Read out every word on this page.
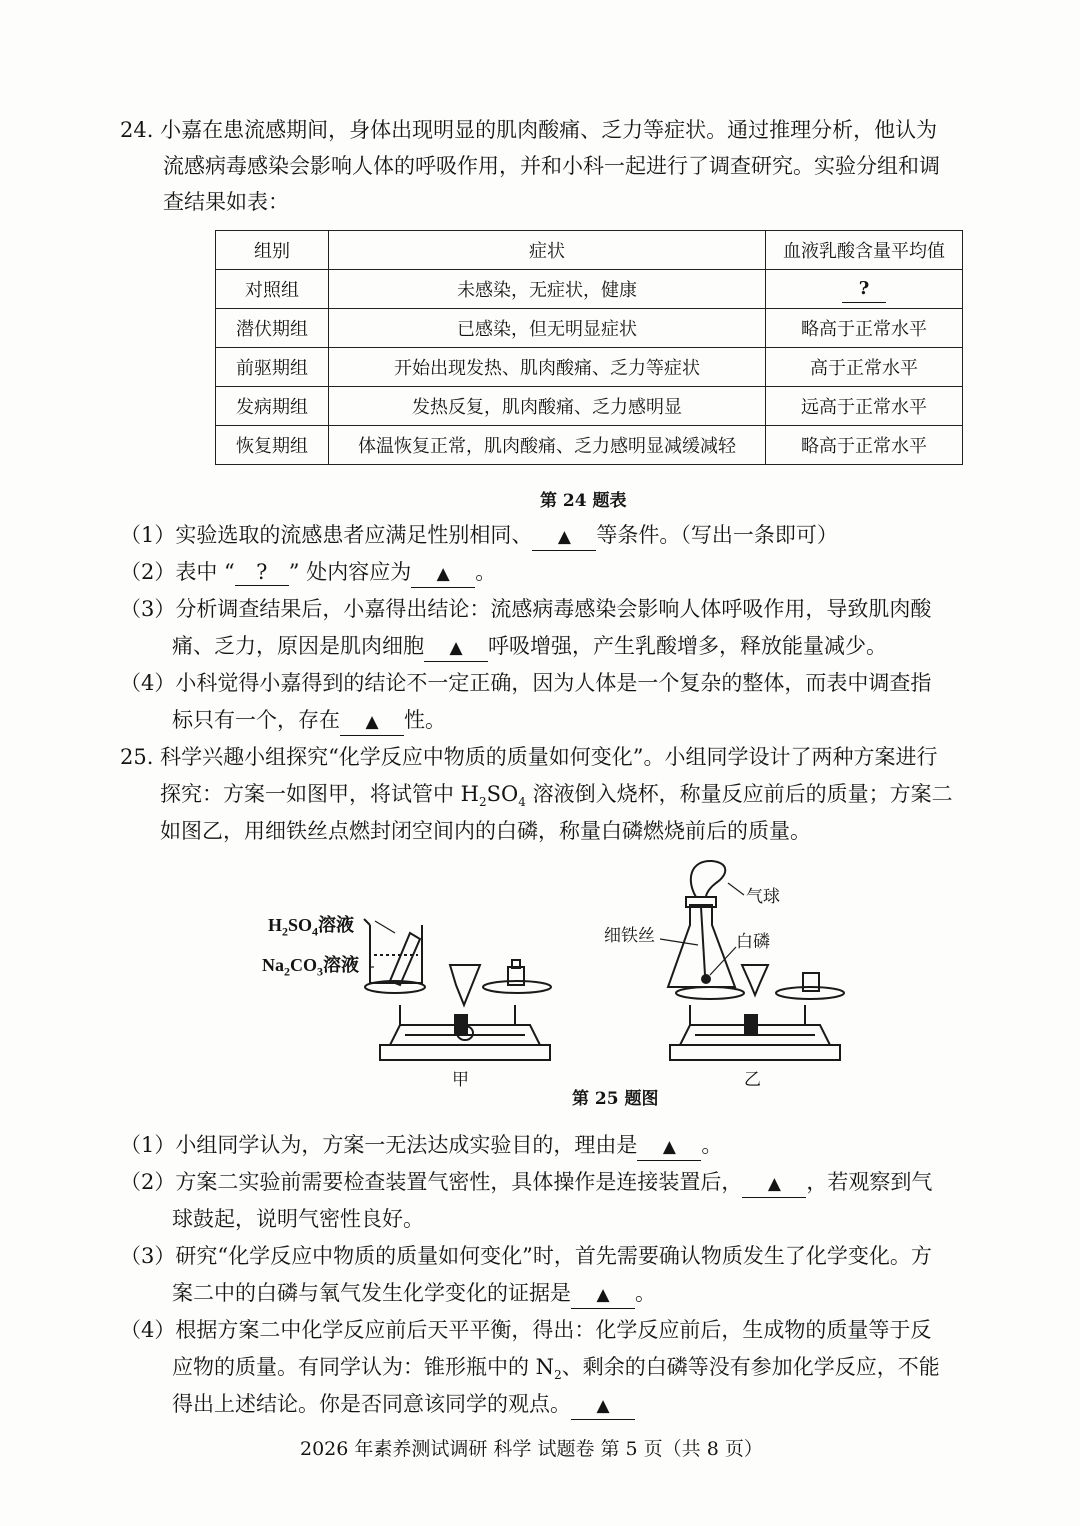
24. 小嘉在患流感期间，身体出现明显的肌肉酸痛、乏力等症状。通过推理分析，他认为
流感病毒感染会影响人体的呼吸作用，并和小科一起进行了调查研究。实验分组和调
查结果如表：
组别	症状	血液乳酸含量平均值
对照组	未感染，无症状，健康	?
潜伏期组	已感染，但无明显症状	略高于正常水平
前驱期组	开始出现发热、肌肉酸痛、乏力等症状	高于正常水平
发病期组	发热反复，肌肉酸痛、乏力感明显	远高于正常水平
恢复期组	体温恢复正常，肌肉酸痛、乏力感明显减缓减轻	略高于正常水平
第 24 题表
（1）实验选取的流感患者应满足性别相同、 ▲ 等条件。（写出一条即可）
（2）表中 “ ? ” 处内容应为 ▲ 。
（3）分析调查结果后，小嘉得出结论：流感病毒感染会影响人体呼吸作用，导致肌肉酸
痛、乏力，原因是肌肉细胞 ▲ 呼吸增强，产生乳酸增多，释放能量减少。
（4）小科觉得小嘉得到的结论不一定正确，因为人体是一个复杂的整体，而表中调查指
标只有一个，存在 ▲ 性。
25. 科学兴趣小组探究“化学反应中物质的质量如何变化”。小组同学设计了两种方案进行
探究：方案一如图甲，将试管中 $H_2SO_4$ 溶液倒入烧杯，称量反应前后的质量；方案二
如图乙，用细铁丝点燃封闭空间内的白磷，称量白磷燃烧前后的质量。
$H_2SO_4$溶液
$Na_2CO_3$溶液
气球
细铁丝	白磷
甲	乙
第 25 题图
（1）小组同学认为，方案一无法达成实验目的，理由是 ▲ 。
（2）方案二实验前需要检查装置气密性，具体操作是连接装置后， ▲ ，若观察到气
球鼓起，说明气密性良好。
（3）研究“化学反应中物质的质量如何变化”时，首先需要确认物质发生了化学变化。方
案二中的白磷与氧气发生化学变化的证据是 ▲ 。
（4）根据方案二中化学反应前后天平平衡，得出：化学反应前后，生成物的质量等于反
应物的质量。有同学认为：锥形瓶中的 $N_2$、剩余的白磷等没有参加化学反应，不能
得出上述结论。你是否同意该同学的观点。 ▲
2026 年素养测试调研 科学 试题卷 第 5 页（共 8 页）
